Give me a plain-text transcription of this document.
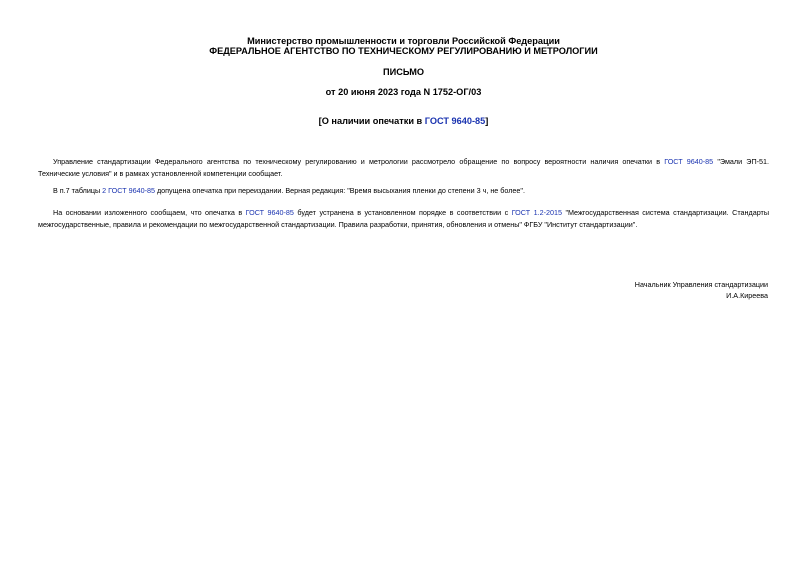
Министерство промышленности и торговли Российской Федерации
ФЕДЕРАЛЬНОЕ АГЕНТСТВО ПО ТЕХНИЧЕСКОМУ РЕГУЛИРОВАНИЮ И МЕТРОЛОГИИ
ПИСЬМО
от 20 июня 2023 года N 1752-ОГ/03
[О наличии опечатки в ГОСТ 9640-85]

Управление стандартизации Федерального агентства по техническому регулированию и метрологии рассмотрело обращение по вопросу вероятности наличия опечатки в ГОСТ 9640-85 "Эмали ЭП-51. Технические условия" и в рамках установленной компетенции сообщает.

В п.7 таблицы 2 ГОСТ 9640-85 допущена опечатка при переиздании. Верная редакция: "Время высыхания пленки до степени 3 ч, не более".

На основании изложенного сообщаем, что опечатка в ГОСТ 9640-85 будет устранена в установленном порядке в соответствии с ГОСТ 1.2-2015 "Межгосударственная система стандартизации. Стандарты межгосударственные, правила и рекомендации по межгосударственной стандартизации. Правила разработки, принятия, обновления и отмены" ФГБУ "Институт стандартизации".

Начальник Управления стандартизации
И.А.Киреева
